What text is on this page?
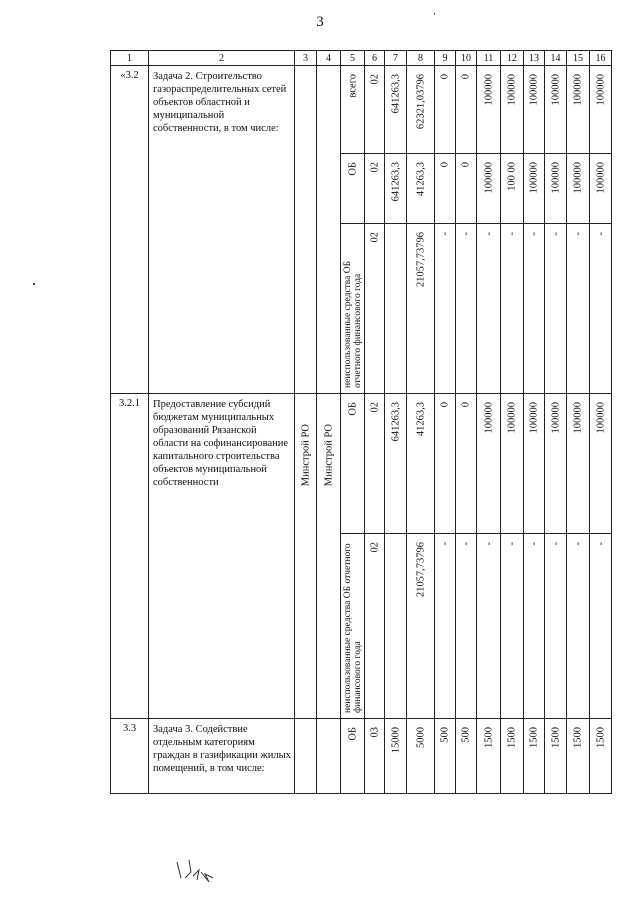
3
1	2	3	4	5	6	7	8	9	10	11	12	13	14	15	16
«3.2	Задача 2. Строительство газораспределительных сетей объектов областной и муниципальной собственности, в том числе:			всего	02	641263,3	62321,03796	0	0	100000	100000	100000	100000	100000	100000

				ОБ	02	641263,3	41263,3	0	0	100000	100 00	100000	100000	100000	100000

				неиспользованные средства ОБ отчетного финансового года	02		21057,73796	-	-	-	-	-	-	-	-

3.2.1	Предоставление субсидий бюджетам муниципальных образований Рязанской области на софинансирование капитального строительства объектов муниципальной собственности	Минстрой РО	Минстрой РО	ОБ	02	641263,3	41263,3	0	0	100000	100000	100000	100000	100000	100000

				неиспользованные средства ОБ отчетного финансового года	02		21057,73796	-	-	-	-	-	-	-	-

3.3	Задача 3. Содействие отдельным категориям граждан в газификации жилых помещений, в том числе:			ОБ	03	15000	5000	500	500	1500	1500	1500	1500	1500	1500
